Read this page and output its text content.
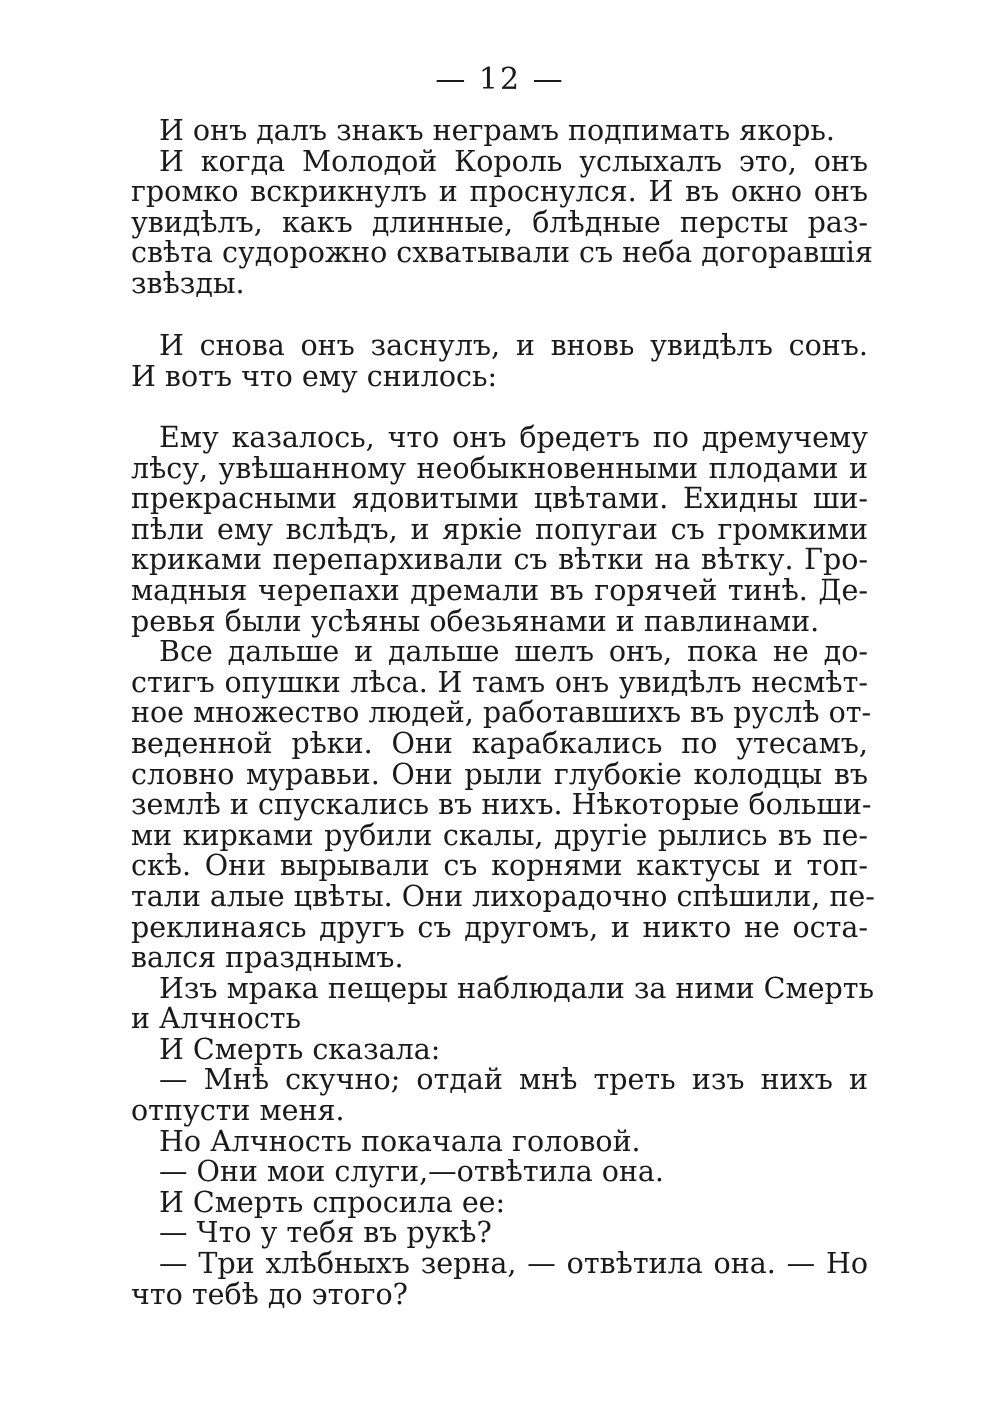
— 12 —
И онъ далъ знакъ неграмъ подпимать якорь.
И когда Молодой Король услыхалъ это, онъ
громко вскрикнулъ и проснулся. И въ окно онъ
увидѣлъ, какъ длинные, блѣдные персты раз-
свѣта судорожно схватывали съ неба догоравшія
звѣзды.
И снова онъ заснулъ, и вновь увидѣлъ сонъ.
И вотъ что ему снилось:
Ему казалось, что онъ бредетъ по дремучему
лѣсу, увѣшанному необыкновенными плодами и
прекрасными ядовитыми цвѣтами. Ехидны ши-
пѣли ему вслѣдъ, и яркіе попугаи съ громкими
криками перепархивали съ вѣтки на вѣтку. Гро-
мадныя черепахи дремали въ горячей тинѣ. Де-
ревья были усѣяны обезьянами и павлинами.
Все дальше и дальше шелъ онъ, пока не до-
стигъ опушки лѣса. И тамъ онъ увидѣлъ несмѣт-
ное множество людей, работавшихъ въ руслѣ от-
веденной рѣки. Они карабкались по утесамъ,
словно муравьи. Они рыли глубокіе колодцы въ
землѣ и спускались въ нихъ. Нѣкоторые больши-
ми кирками рубили скалы, другіе рылись въ пе-
скѣ. Они вырывали съ корнями кактусы и топ-
тали алые цвѣты. Они лихорадочно спѣшили, пе-
реклинаясь другъ съ другомъ, и никто не оста-
вался празднымъ.
Изъ мрака пещеры наблюдали за ними Смерть
и Алчность
И Смерть сказала:
— Мнѣ скучно; отдай мнѣ треть изъ нихъ и
отпусти меня.
Но Алчность покачала головой.
— Они мои слуги,—отвѣтила она.
И Смерть спросила ее:
— Что у тебя въ рукѣ?
— Три хлѣбныхъ зерна, — отвѣтила она. — Но
что тебѣ до этого?
